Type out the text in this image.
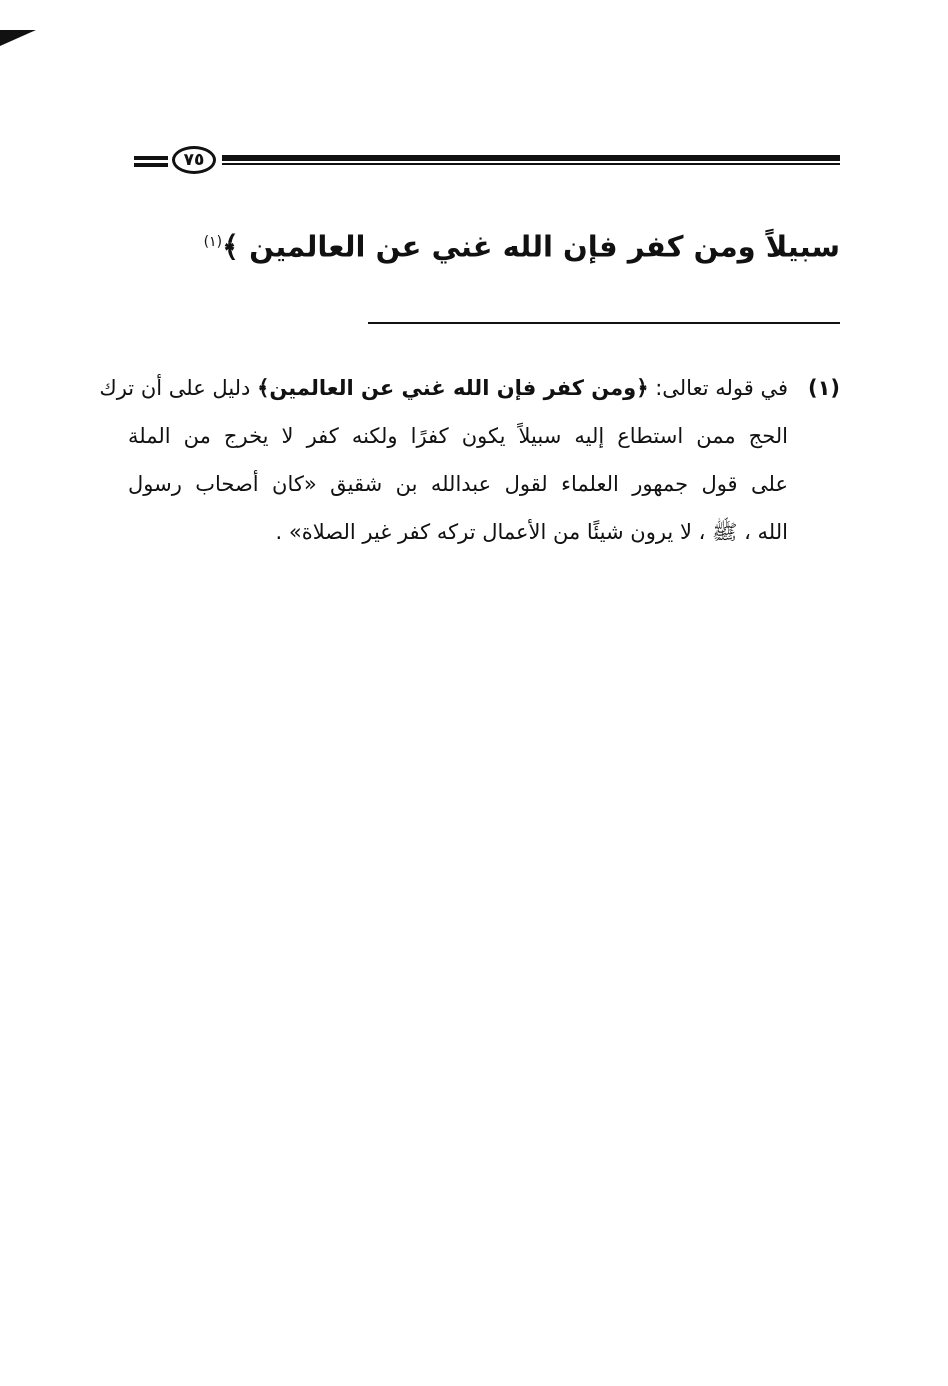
٧٥
سبيلاً ومن كفر فإن الله غني عن العالمين ﴾$^{(١)}$
(١)
في قوله تعالى: ﴿ومن كفر فإن الله غني عن العالمين﴾ دليل على أن ترك
الحج ممن استطاع إليه سبيلاً يكون كفرًا ولكنه كفر لا يخرج من الملة
على قول جمهور العلماء لقول عبدالله بن شقيق «كان أصحاب رسول
الله ، ﷺ ، لا يرون شيئًا من الأعمال تركه كفر غير الصلاة» .
